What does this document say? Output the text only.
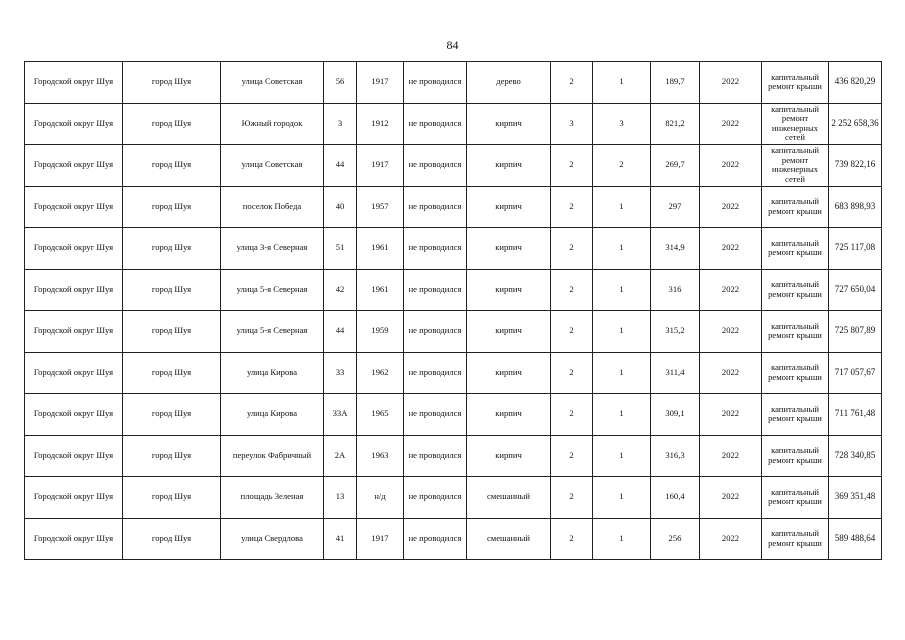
84
Городской округ Шуя	город Шуя	улица Советская	56	1917	не проводился	дерево	2	1	189,7	2022	капитальный ремонт крыши	436 820,29
Городской округ Шуя	город Шуя	Южный городок	3	1912	не проводился	кирпич	3	3	821,2	2022	капитальный ремонт инженерных сетей	2 252 658,36
Городской округ Шуя	город Шуя	улица Советская	44	1917	не проводился	кирпич	2	2	269,7	2022	капитальный ремонт инженерных сетей	739 822,16
Городской округ Шуя	город Шуя	поселок Победа	40	1957	не проводился	кирпич	2	1	297	2022	капитальный ремонт крыши	683 898,93
Городской округ Шуя	город Шуя	улица 3-я Северная	51	1961	не проводился	кирпич	2	1	314,9	2022	капитальный ремонт крыши	725 117,08
Городской округ Шуя	город Шуя	улица 5-я Северная	42	1961	не проводился	кирпич	2	1	316	2022	капитальный ремонт крыши	727 650,04
Городской округ Шуя	город Шуя	улица 5-я Северная	44	1959	не проводился	кирпич	2	1	315,2	2022	капитальный ремонт крыши	725 807,89
Городской округ Шуя	город Шуя	улица Кирова	33	1962	не проводился	кирпич	2	1	311,4	2022	капитальный ремонт крыши	717 057,67
Городской округ Шуя	город Шуя	улица Кирова	33А	1965	не проводился	кирпич	2	1	309,1	2022	капитальный ремонт крыши	711 761,48
Городской округ Шуя	город Шуя	переулок Фабричный	2А	1963	не проводился	кирпич	2	1	316,3	2022	капитальный ремонт крыши	728 340,85
Городской округ Шуя	город Шуя	площадь Зеленая	13	н/д	не проводился	смешанный	2	1	160,4	2022	капитальный ремонт крыши	369 351,48
Городской округ Шуя	город Шуя	улица Свердлова	41	1917	не проводился	смешанный	2	1	256	2022	капитальный ремонт крыши	589 488,64
